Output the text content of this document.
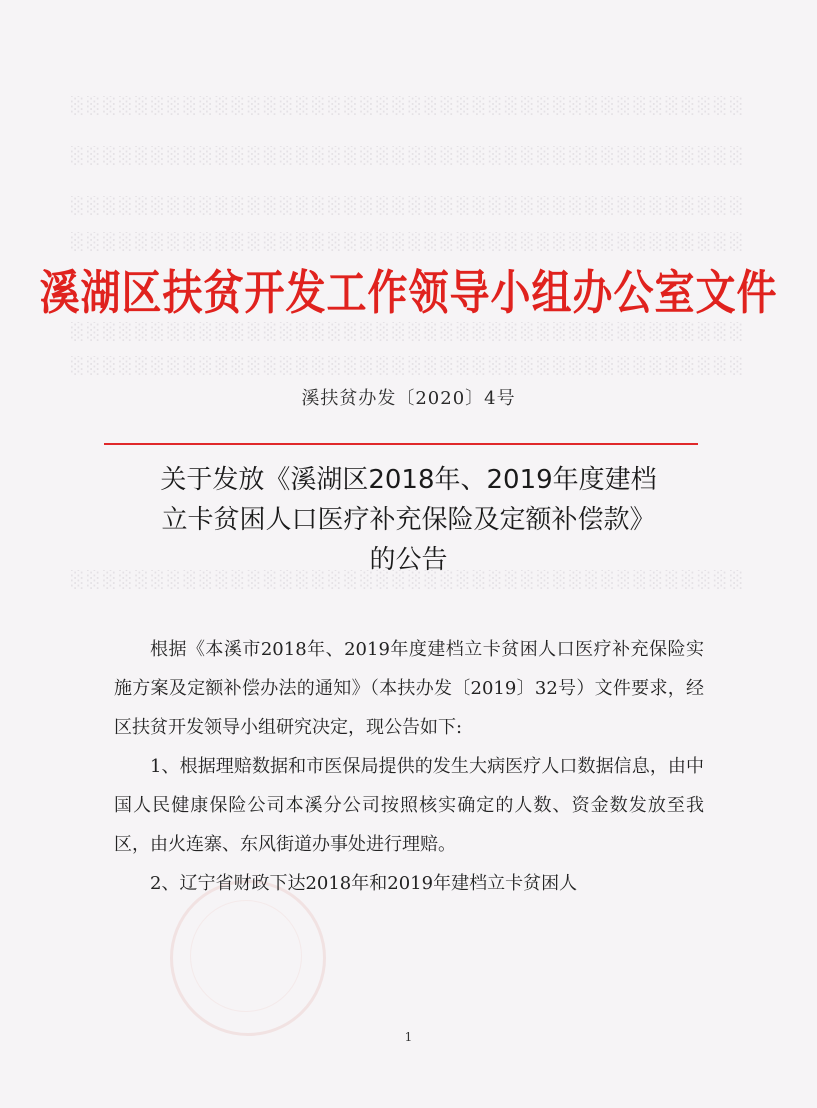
░░░░░░░░░░░░░░░░░░░░░░░░░░░░░░░░░░░░░░░░░░
░░░░░░░░░░░░░░░░░░░░░░░░░░░░░░░░░░░░░░░░░░
░░░░░░░░░░░░░░░░░░░░░░░░░░░░░░░░░░░░░░░░░░
░░░░░░░░░░░░░░░░░░░░░░░░░░░░░░░░░░░░░░░░░░
░░░░░░░░░░░░░░░░░░░░░░░░░░░░░░░░░░░░░░░░░░
░░░░░░░░░░░░░░░░░░░░░░░░░░░░░░░░░░░░░░░░░░
░░░░░░░░░░░░░░░░░░░░░░░░░░░░░░░░░░░░░░░░░░
溪湖区扶贫开发工作领导小组办公室文件
溪扶贫办发〔2020〕4号
关于发放《溪湖区2018年、2019年度建档
立卡贫困人口医疗补充保险及定额补偿款》
的公告

根据《本溪市2018年、2019年度建档立卡贫困人口医疗补充保险实施方案及定额补偿办法的通知》（本扶办发〔2019〕32号）文件要求，经区扶贫开发领导小组研究决定，现公告如下:

1、根据理赔数据和市医保局提供的发生大病医疗人口数据信息，由中国人民健康保险公司本溪分公司按照核实确定的人数、资金数发放至我区，由火连寨、东风街道办事处进行理赔。

2、辽宁省财政下达2018年和2019年建档立卡贫困人

1
